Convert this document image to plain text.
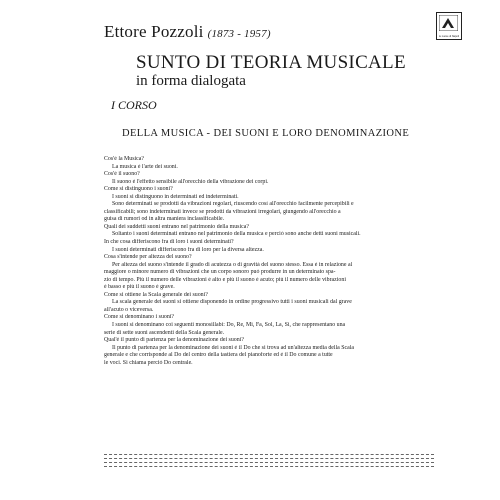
Ettore Pozzoli (1873 - 1957)	le nuove di Napoli
SUNTO DI TEORIA MUSICALE
in forma dialogata
I CORSO
DELLA MUSICA - DEI SUONI E LORO DENOMINAZIONE
Cos'è la Musica?
La musica è l'arte dei suoni.
Cos'è il suono?
Il suono è l'effetto sensibile all'orecchio della vibrazione dei corpi.
Come si distinguono i suoni?
I suoni si distinguono in determinati ed indeterminati.
Sono determinati se prodotti da vibrazioni regolari, riuscendo così all'orecchio facilmente percepibili e
classificabili; sono indeterminati invece se prodotti da vibrazioni irregolari, giungendo all'orecchio a
guisa di rumori od in altra maniera inclassificabile.
Quali dei suddetti suoni entrano nel patrimonio della musica?
Soltanto i suoni determinati entrano nel patrimonio della musica e perciò sono anche detti suoni musicali.
In che cosa differiscono fra di loro i suoni determinati?
I suoni determinati differiscono fra di loro per la diversa altezza.
Cosa s'intende per altezza del suono?
Per altezza del suono s'intende il grado di acutezza o di gravità del suono stesso. Essa è in relazione al
maggiore o minore numero di vibrazioni che un corpo sonoro può produrre in un determinato spa-
zio di tempo. Più il numero delle vibrazioni è alto e più il suono è acuto; più il numero delle vibrazioni
è basso e più il suono è grave.
Come si ottiene la Scala generale dei suoni?
La scala generale dei suoni si ottiene disponendo in ordine progressivo tutti i suoni musicali dal grave
all'acuto o viceversa.
Come si denominano i suoni?
I suoni si denominano coi seguenti monosillabi: Do, Re, Mi, Fa, Sol, La, Si, che rappresentano una
serie di sette suoni ascendenti della Scala generale.
Qual'è il punto di partenza per la denominazione dei suoni?
Il punto di partenza per la denominazione dei suoni è il Do che si trova ad un'altezza media della Scala
generale e che corrisponde al Do del centro della tastiera del pianoforte ed è il Do comune a tutte
le voci. Si chiama perciò Do centrale.
